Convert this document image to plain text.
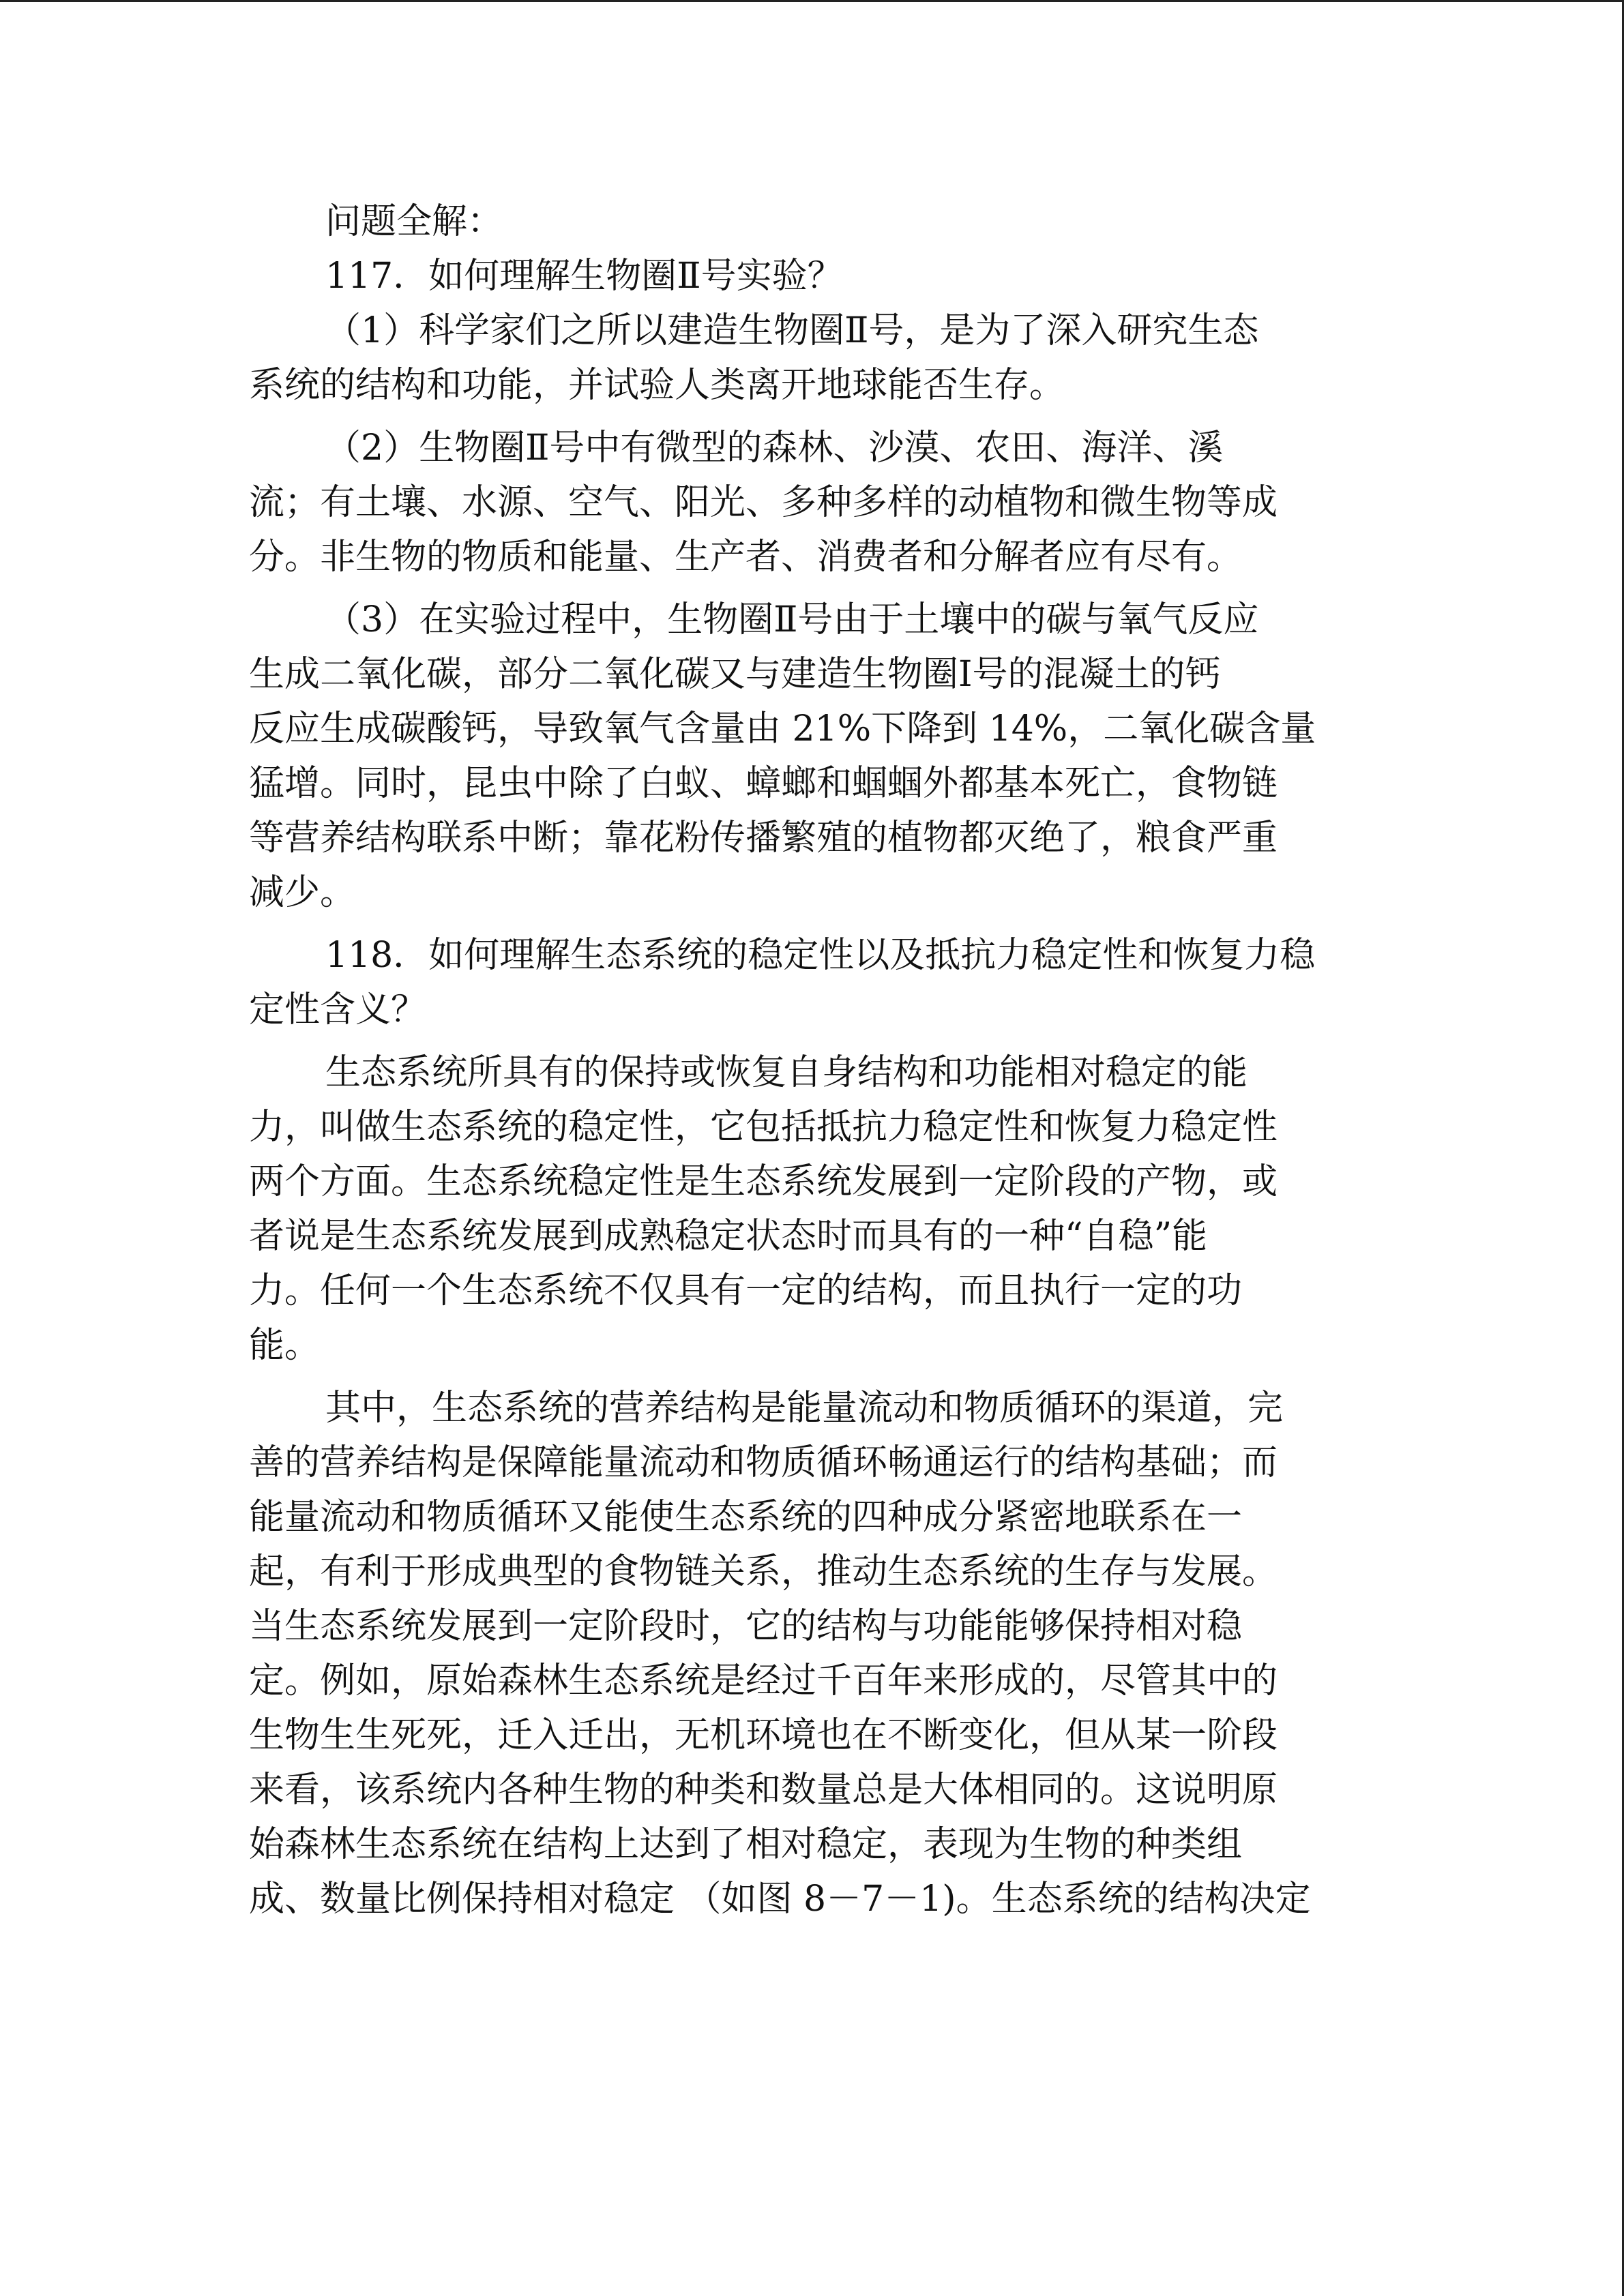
问题全解：
117．如何理解生物圈Ⅱ号实验？
（1）科学家们之所以建造生物圈Ⅱ号，是为了深入研究生态
系统的结构和功能，并试验人类离开地球能否生存。
（2）生物圈Ⅱ号中有微型的森林、沙漠、农田、海洋、溪
流；有土壤、水源、空气、阳光、多种多样的动植物和微生物等成
分。非生物的物质和能量、生产者、消费者和分解者应有尽有。
（3）在实验过程中，生物圈Ⅱ号由于土壤中的碳与氧气反应
生成二氧化碳，部分二氧化碳又与建造生物圈Ⅰ号的混凝土的钙
反应生成碳酸钙，导致氧气含量由 21%下降到 14%，二氧化碳含量
猛增。同时，昆虫中除了白蚁、蟑螂和蝈蝈外都基本死亡，食物链
等营养结构联系中断；靠花粉传播繁殖的植物都灭绝了，粮食严重
减少。
118．如何理解生态系统的稳定性以及抵抗力稳定性和恢复力稳
定性含义？
生态系统所具有的保持或恢复自身结构和功能相对稳定的能
力，叫做生态系统的稳定性，它包括抵抗力稳定性和恢复力稳定性
两个方面。生态系统稳定性是生态系统发展到一定阶段的产物，或
者说是生态系统发展到成熟稳定状态时而具有的一种“自稳”能
力。任何一个生态系统不仅具有一定的结构，而且执行一定的功
能。
其中，生态系统的营养结构是能量流动和物质循环的渠道，完
善的营养结构是保障能量流动和物质循环畅通运行的结构基础；而
能量流动和物质循环又能使生态系统的四种成分紧密地联系在一
起，有利于形成典型的食物链关系，推动生态系统的生存与发展。
当生态系统发展到一定阶段时，它的结构与功能能够保持相对稳
定。例如，原始森林生态系统是经过千百年来形成的，尽管其中的
生物生生死死，迁入迁出，无机环境也在不断变化，但从某一阶段
来看，该系统内各种生物的种类和数量总是大体相同的。这说明原
始森林生态系统在结构上达到了相对稳定，表现为生物的种类组
成、数量比例保持相对稳定 （如图 8－7－1)。生态系统的结构决定
